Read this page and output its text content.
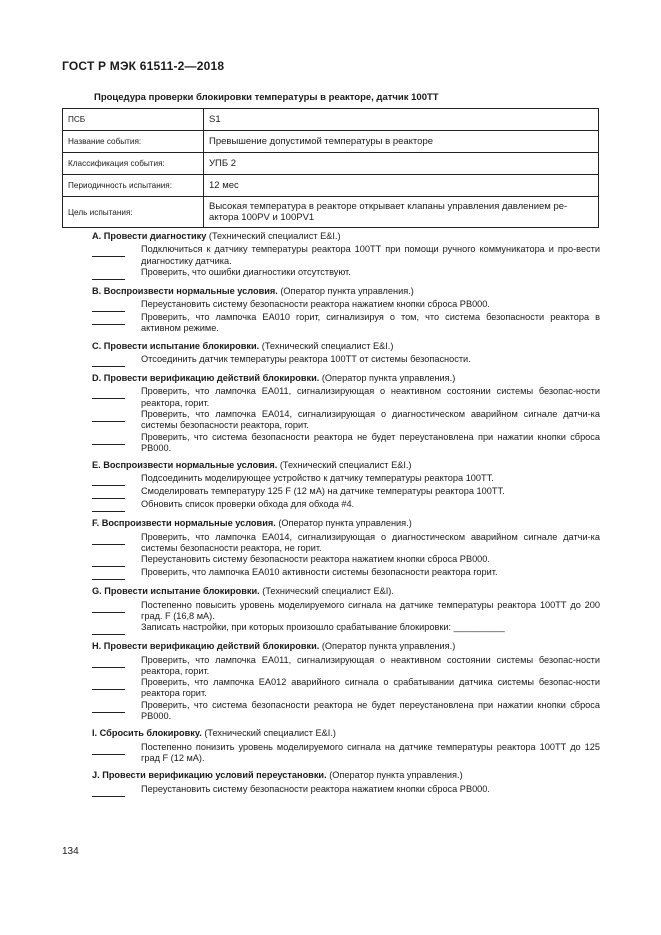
ГОСТ Р МЭК 61511-2—2018
Процедура проверки блокировки температуры в реакторе, датчик 100ТТ
ПСБ	S1
Название события:	Превышение допустимой температуры в реакторе
Классификация события:	УПБ 2
Периодичность испытания:	12 мес
Цель испытания:	Высокая температура в реакторе открывает клапаны управления давлением ре-актора 100PV и 100PV1
A. Провести диагностику (Технический специалист E&I.)
Подключиться к датчику температуры реактора 100ТТ при помощи ручного коммуникатора и про-вести диагностику датчика.
Проверить, что ошибки диагностики отсутствуют.
B. Воспроизвести нормальные условия. (Оператор пункта управления.)
Переустановить систему безопасности реактора нажатием кнопки сброса РВ000.
Проверить, что лампочка ЕА010 горит, сигнализируя о том, что система безопасности реактора в активном режиме.
C. Провести испытание блокировки. (Технический специалист E&I.)
Отсоединить датчик температуры реактора 100ТТ от системы безопасности.
D. Провести верификацию действий блокировки. (Оператор пункта управления.)
Проверить, что лампочка ЕА011, сигнализирующая о неактивном состоянии системы безопас-ности реактора, горит.
Проверить, что лампочка ЕА014, сигнализирующая о диагностическом аварийном сигнале датчи-ка системы безопасности реактора, горит.
Проверить, что система безопасности реактора не будет переустановлена при нажатии кнопки сброса РВ000.
E. Воспроизвести нормальные условия. (Технический специалист E&I.)
Подсоединить моделирующее устройство к датчику температуры реактора 100ТТ.
Смоделировать температуру 125 F (12 мА) на датчике температуры реактора 100ТТ.
Обновить список проверки обхода для обхода #4.
F. Воспроизвести нормальные условия. (Оператор пункта управления.)
Проверить, что лампочка ЕА014, сигнализирующая о диагностическом аварийном сигнале датчи-ка системы безопасности реактора, не горит.
Переустановить систему безопасности реактора нажатием кнопки сброса РВ000.
Проверить, что лампочка ЕА010 активности системы безопасности реактора горит.
G. Провести испытание блокировки. (Технический специалист E&I).
Постепенно повысить уровень моделируемого сигнала на датчике температуры реактора 100ТТ до 200 град. F (16,8 мА).
Записать настройки, при которых произошло срабатывание блокировки: __________
H. Провести верификацию действий блокировки. (Оператор пункта управления.)
Проверить, что лампочка ЕА011, сигнализирующая о неактивном состоянии системы безопас-ности реактора, горит.
Проверить, что лампочка ЕА012 аварийного сигнала о срабатывании датчика системы безопас-ности реактора горит.
Проверить, что система безопасности реактора не будет переустановлена при нажатии кнопки сброса РВ000.
I. Сбросить блокировку. (Технический специалист E&I.)
Постепенно понизить уровень моделируемого сигнала на датчике температуры реактора 100ТТ до 125 град F (12 мА).
J. Провести верификацию условий переустановки. (Оператор пункта управления.)
Переустановить систему безопасности реактора нажатием кнопки сброса РВ000.
134
